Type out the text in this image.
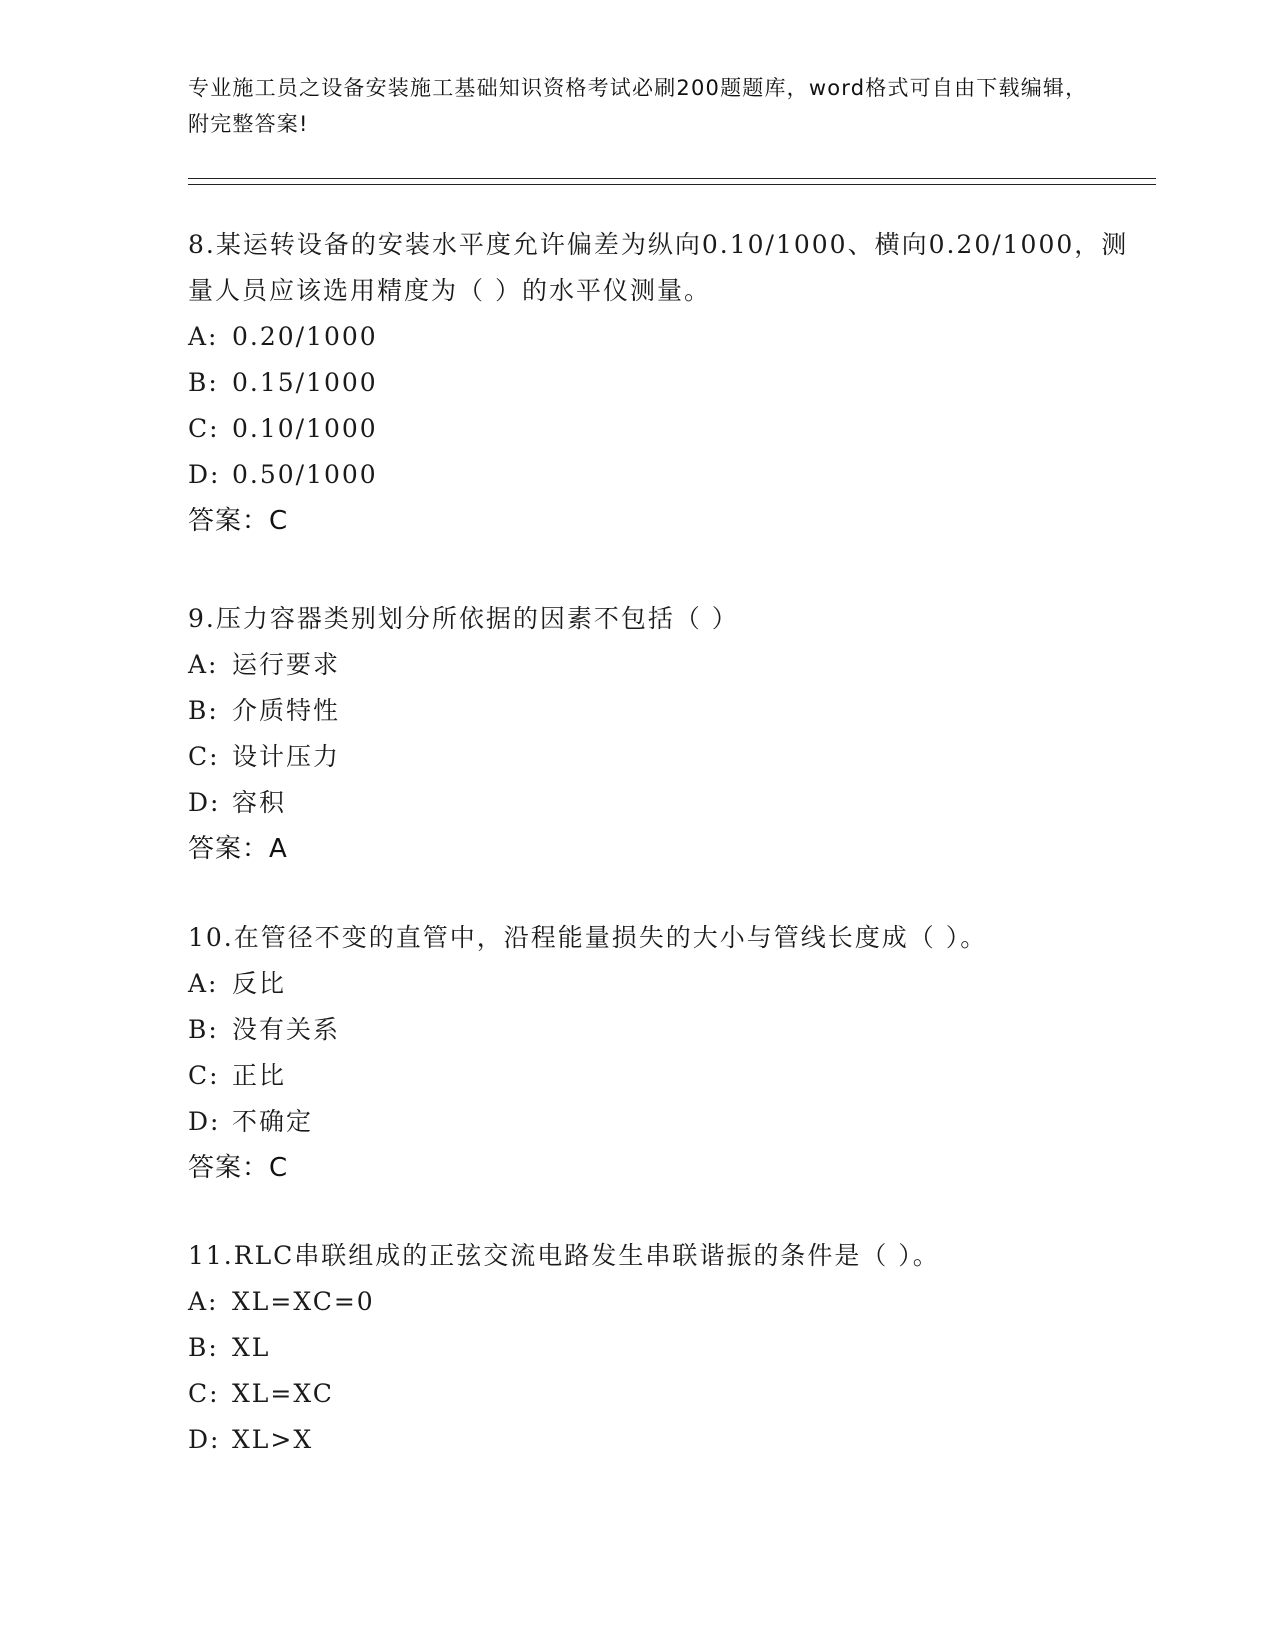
专业施工员之设备安装施工基础知识资格考试必刷200题题库，word格式可自由下载编辑，附完整答案!

8.某运转设备的安装水平度允许偏差为纵向0.10/1000、横向0.20/1000，测量人员应该选用精度为（ ）的水平仪测量。

A: 0.20/1000

B: 0.15/1000

C: 0.10/1000

D: 0.50/1000

答案：C

9.压力容器类别划分所依据的因素不包括（ ）

A: 运行要求

B: 介质特性

C: 设计压力

D: 容积

答案：A

10.在管径不变的直管中，沿程能量损失的大小与管线长度成（ ）。

A: 反比

B: 没有关系

C: 正比

D: 不确定

答案：C

11.RLC串联组成的正弦交流电路发生串联谐振的条件是（ ）。

A: XL=XC=0

B: XL

C: XL=XC

D: XL>X
